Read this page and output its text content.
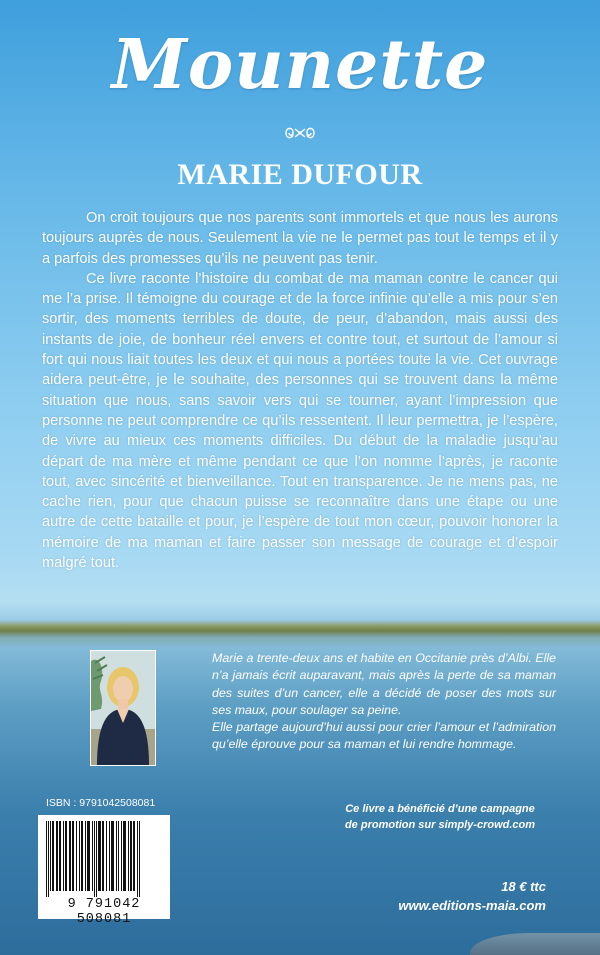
Mounette
MARIE DUFOUR

On croit toujours que nos parents sont immortels et que nous les aurons toujours auprès de nous. Seulement la vie ne le permet pas tout le temps et il y a parfois des promesses qu’ils ne peuvent pas tenir.

Ce livre raconte l’histoire du combat de ma maman contre le cancer qui me l’a prise. Il témoigne du courage et de la force infinie qu’elle a mis pour s’en sortir, des moments terribles de doute, de peur, d’abandon, mais aussi des instants de joie, de bonheur réel envers et contre tout, et surtout de l’amour si fort qui nous liait toutes les deux et qui nous a portées toute la vie. Cet ouvrage aidera peut-être, je le souhaite, des personnes qui se trouvent dans la même situation que nous, sans savoir vers qui se tourner, ayant l’impression que personne ne peut comprendre ce qu’ils ressentent. Il leur permettra, je l’espère, de vivre au mieux ces moments difficiles. Du début de la maladie jusqu’au départ de ma mère et même pendant ce que l’on nomme l’après, je raconte tout, avec sincérité et bienveillance. Tout en transparence. Je ne mens pas, ne cache rien, pour que chacun puisse se reconnaître dans une étape ou une autre de cette bataille et pour, je l’espère de tout mon cœur, pouvoir honorer la mémoire de ma maman et faire passer son message de courage et d’espoir malgré tout.

Marie a trente-deux ans et habite en Occitanie près d’Albi. Elle n’a jamais écrit auparavant, mais après la perte de sa maman des suites d’un cancer, elle a décidé de poser des mots sur ses maux, pour soulager sa peine.

Elle partage aujourd’hui aussi pour crier l’amour et l’admiration qu’elle éprouve pour sa maman et lui rendre hommage.

ISBN : 9791042508081

9 791042 508081
Ce livre a bénéficié d’une campagne
de promotion sur simply-crowd.com
18 € ttc
www.editions-maia.com
